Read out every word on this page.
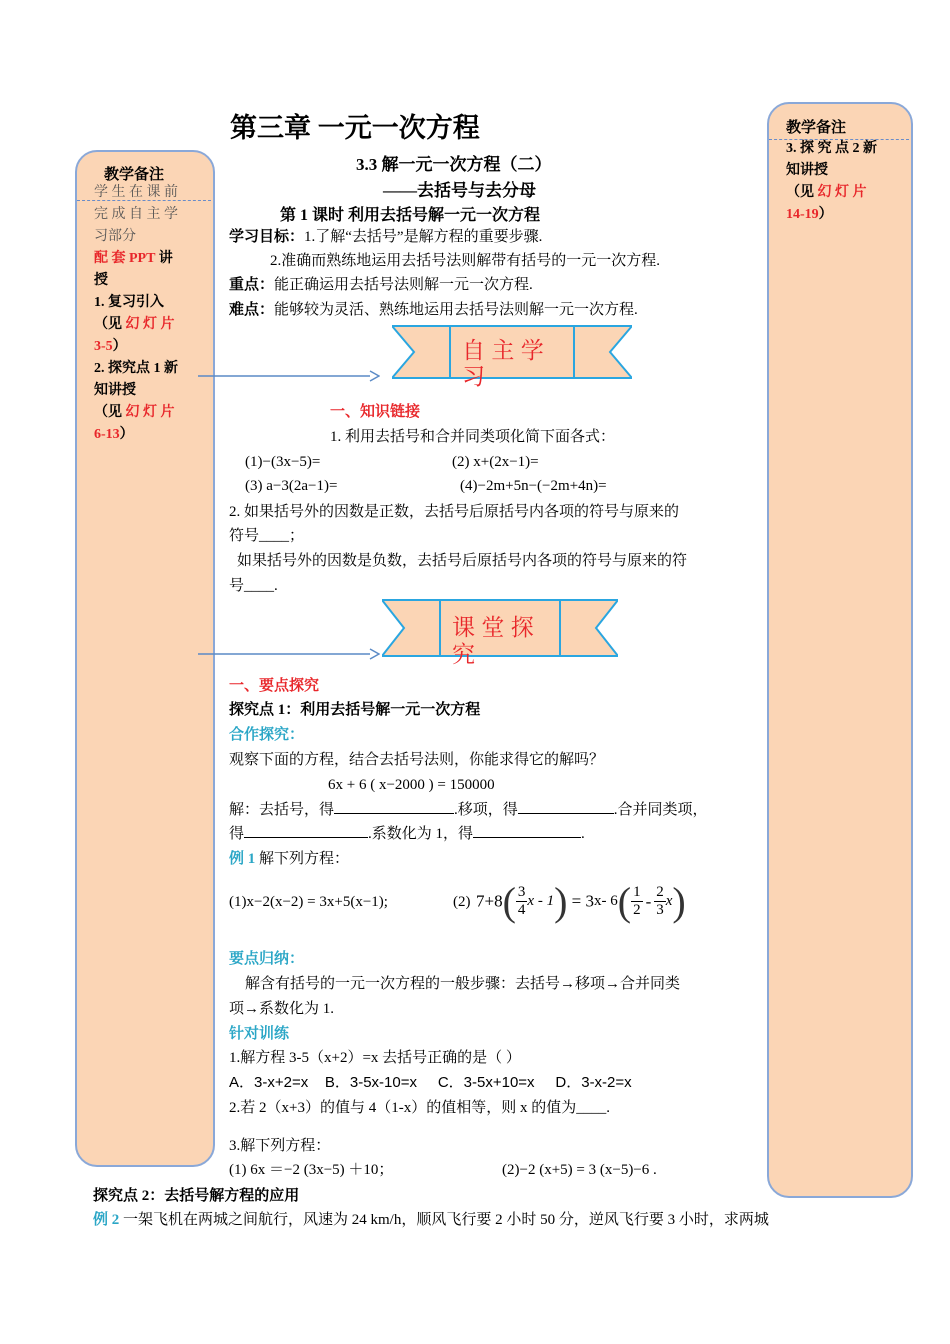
第三章 一元一次方程
3.3 解一元一次方程（二）
——去括号与去分母
第 1 课时 利用去括号解一元一次方程
教学备注
学 生 在 课 前
完 成 自 主 学
习部分
配 套 PPT 讲
授
1. 复习引入
（见 幻 灯 片
3-5）
2. 探究点 1 新
知讲授
（见 幻 灯 片
6-13）
教学备注
3. 探 究 点 2 新
知讲授
（见 幻 灯 片
14-19）
学习目标：1.了解“去括号”是解方程的重要步骤.
2.准确而熟练地运用去括号法则解带有括号的一元一次方程.
重点：能正确运用去括号法则解一元一次方程.
难点：能够较为灵活、熟练地运用去括号法则解一元一次方程.
自 主 学
习
一、知识链接
1. 利用去括号和合并同类项化简下面各式：
(1)−(3x−5)=	(2) x+(2x−1)=
(3) a−3(2a−1)=	(4)−2m+5n−(−2m+4n)=
2. 如果括号外的因数是正数，去括号后原括号内各项的符号与原来的
符号____；
如果括号外的因数是负数，去括号后原括号内各项的符号与原来的符
号____.
课 堂 探
究
一、要点探究
探究点 1：利用去括号解一元一次方程
合作探究：
观察下面的方程，结合去括号法则，你能求得它的解吗？
6x + 6 ( x−2000 ) = 150000
解：去括号，得	.移项，得	.合并同类项，
得	.系数化为 1，得	.
例 1 解下列方程：
(1)x−2(x−2) = 3x+5(x−1);	(2) $7+8( \frac{3}{4}$ x - 1) = 3x- $6( \frac{1}{2} - \frac{2}{3} x)$
要点归纳：
解含有括号的一元一次方程的一般步骤：去括号→移项→合并同类
项→系数化为 1.
针对训练
1.解方程 3-5（x+2）=x 去括号正确的是（ ）
A．3-x+2=x    B．3-5x-10=x     C．3-5x+10=x     D．3-x-2=x
2.若 2（x+3）的值与 4（1-x）的值相等，则 x 的值为____.
3.解下列方程：
(1) 6x ＝−2 (3x−5) ＋10；	(2)−2 (x+5) = 3 (x−5)−6 .
探究点 2：去括号解方程的应用
例 2 一架飞机在两城之间航行，风速为 24 km/h，顺风飞行要 2 小时 50 分，逆风飞行要 3 小时，求两城
